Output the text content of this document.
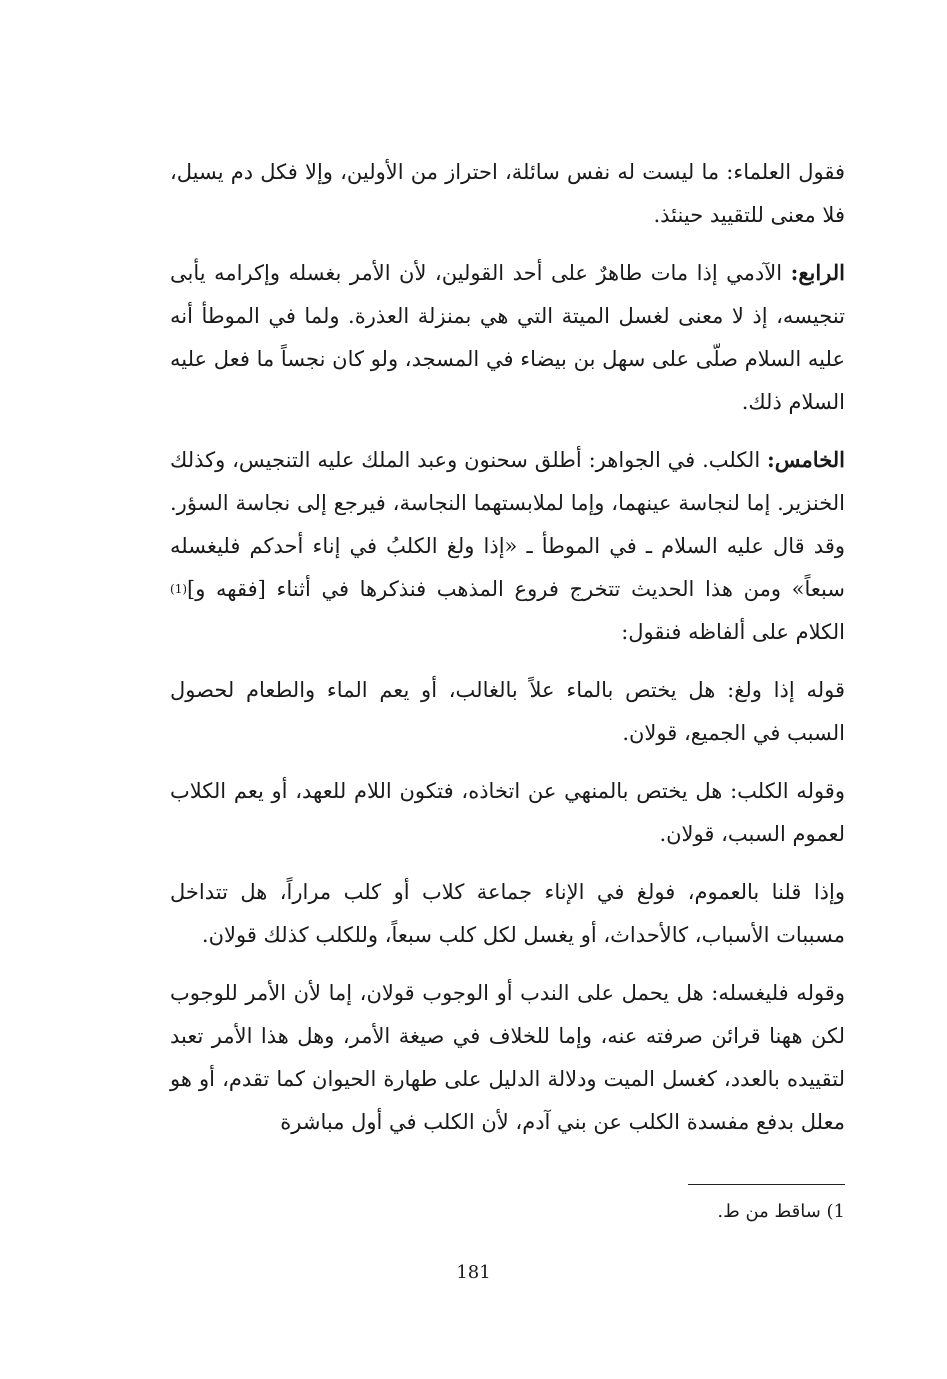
فقول العلماء: ما ليست له نفس سائلة، احتراز من الأولين، وإلا فكل دم يسيل، فلا معنى للتقييد حينئذ.

الرابع: الآدمي إذا مات طاهرٌ على أحد القولين، لأن الأمر بغسله وإكرامه يأبى تنجيسه، إذ لا معنى لغسل الميتة التي هي بمنزلة العذرة. ولما في الموطأ أنه عليه السلام صلّى على سهل بن بيضاء في المسجد، ولو كان نجساً ما فعل عليه السلام ذلك.

الخامس: الكلب. في الجواهر: أطلق سحنون وعبد الملك عليه التنجيس، وكذلك الخنزير. إما لنجاسة عينهما، وإما لملابستهما النجاسة، فيرجع إلى نجاسة السؤر. وقد قال عليه السلام ـ في الموطأ ـ «إذا ولغ الكلبُ في إناء أحدكم فليغسله سبعاً» ومن هذا الحديث تتخرج فروع المذهب فنذكرها في أثناء [فقهه و]$^{(1)}$ الكلام على ألفاظه فنقول:

قوله إذا ولغ: هل يختص بالماء علاً بالغالب، أو يعم الماء والطعام لحصول السبب في الجميع، قولان.

وقوله الكلب: هل يختص بالمنهي عن اتخاذه، فتكون اللام للعهد، أو يعم الكلاب لعموم السبب، قولان.

وإذا قلنا بالعموم، فولغ في الإناء جماعة كلاب أو كلب مراراً، هل تتداخل مسببات الأسباب، كالأحداث، أو يغسل لكل كلب سبعاً، وللكلب كذلك قولان.

وقوله فليغسله: هل يحمل على الندب أو الوجوب قولان، إما لأن الأمر للوجوب لكن ههنا قرائن صرفته عنه، وإما للخلاف في صيغة الأمر، وهل هذا الأمر تعبد لتقييده بالعدد، كغسل الميت ودلالة الدليل على طهارة الحيوان كما تقدم، أو هو معلل بدفع مفسدة الكلب عن بني آدم، لأن الكلب في أول مباشرة

1) ساقط من ط.
181
